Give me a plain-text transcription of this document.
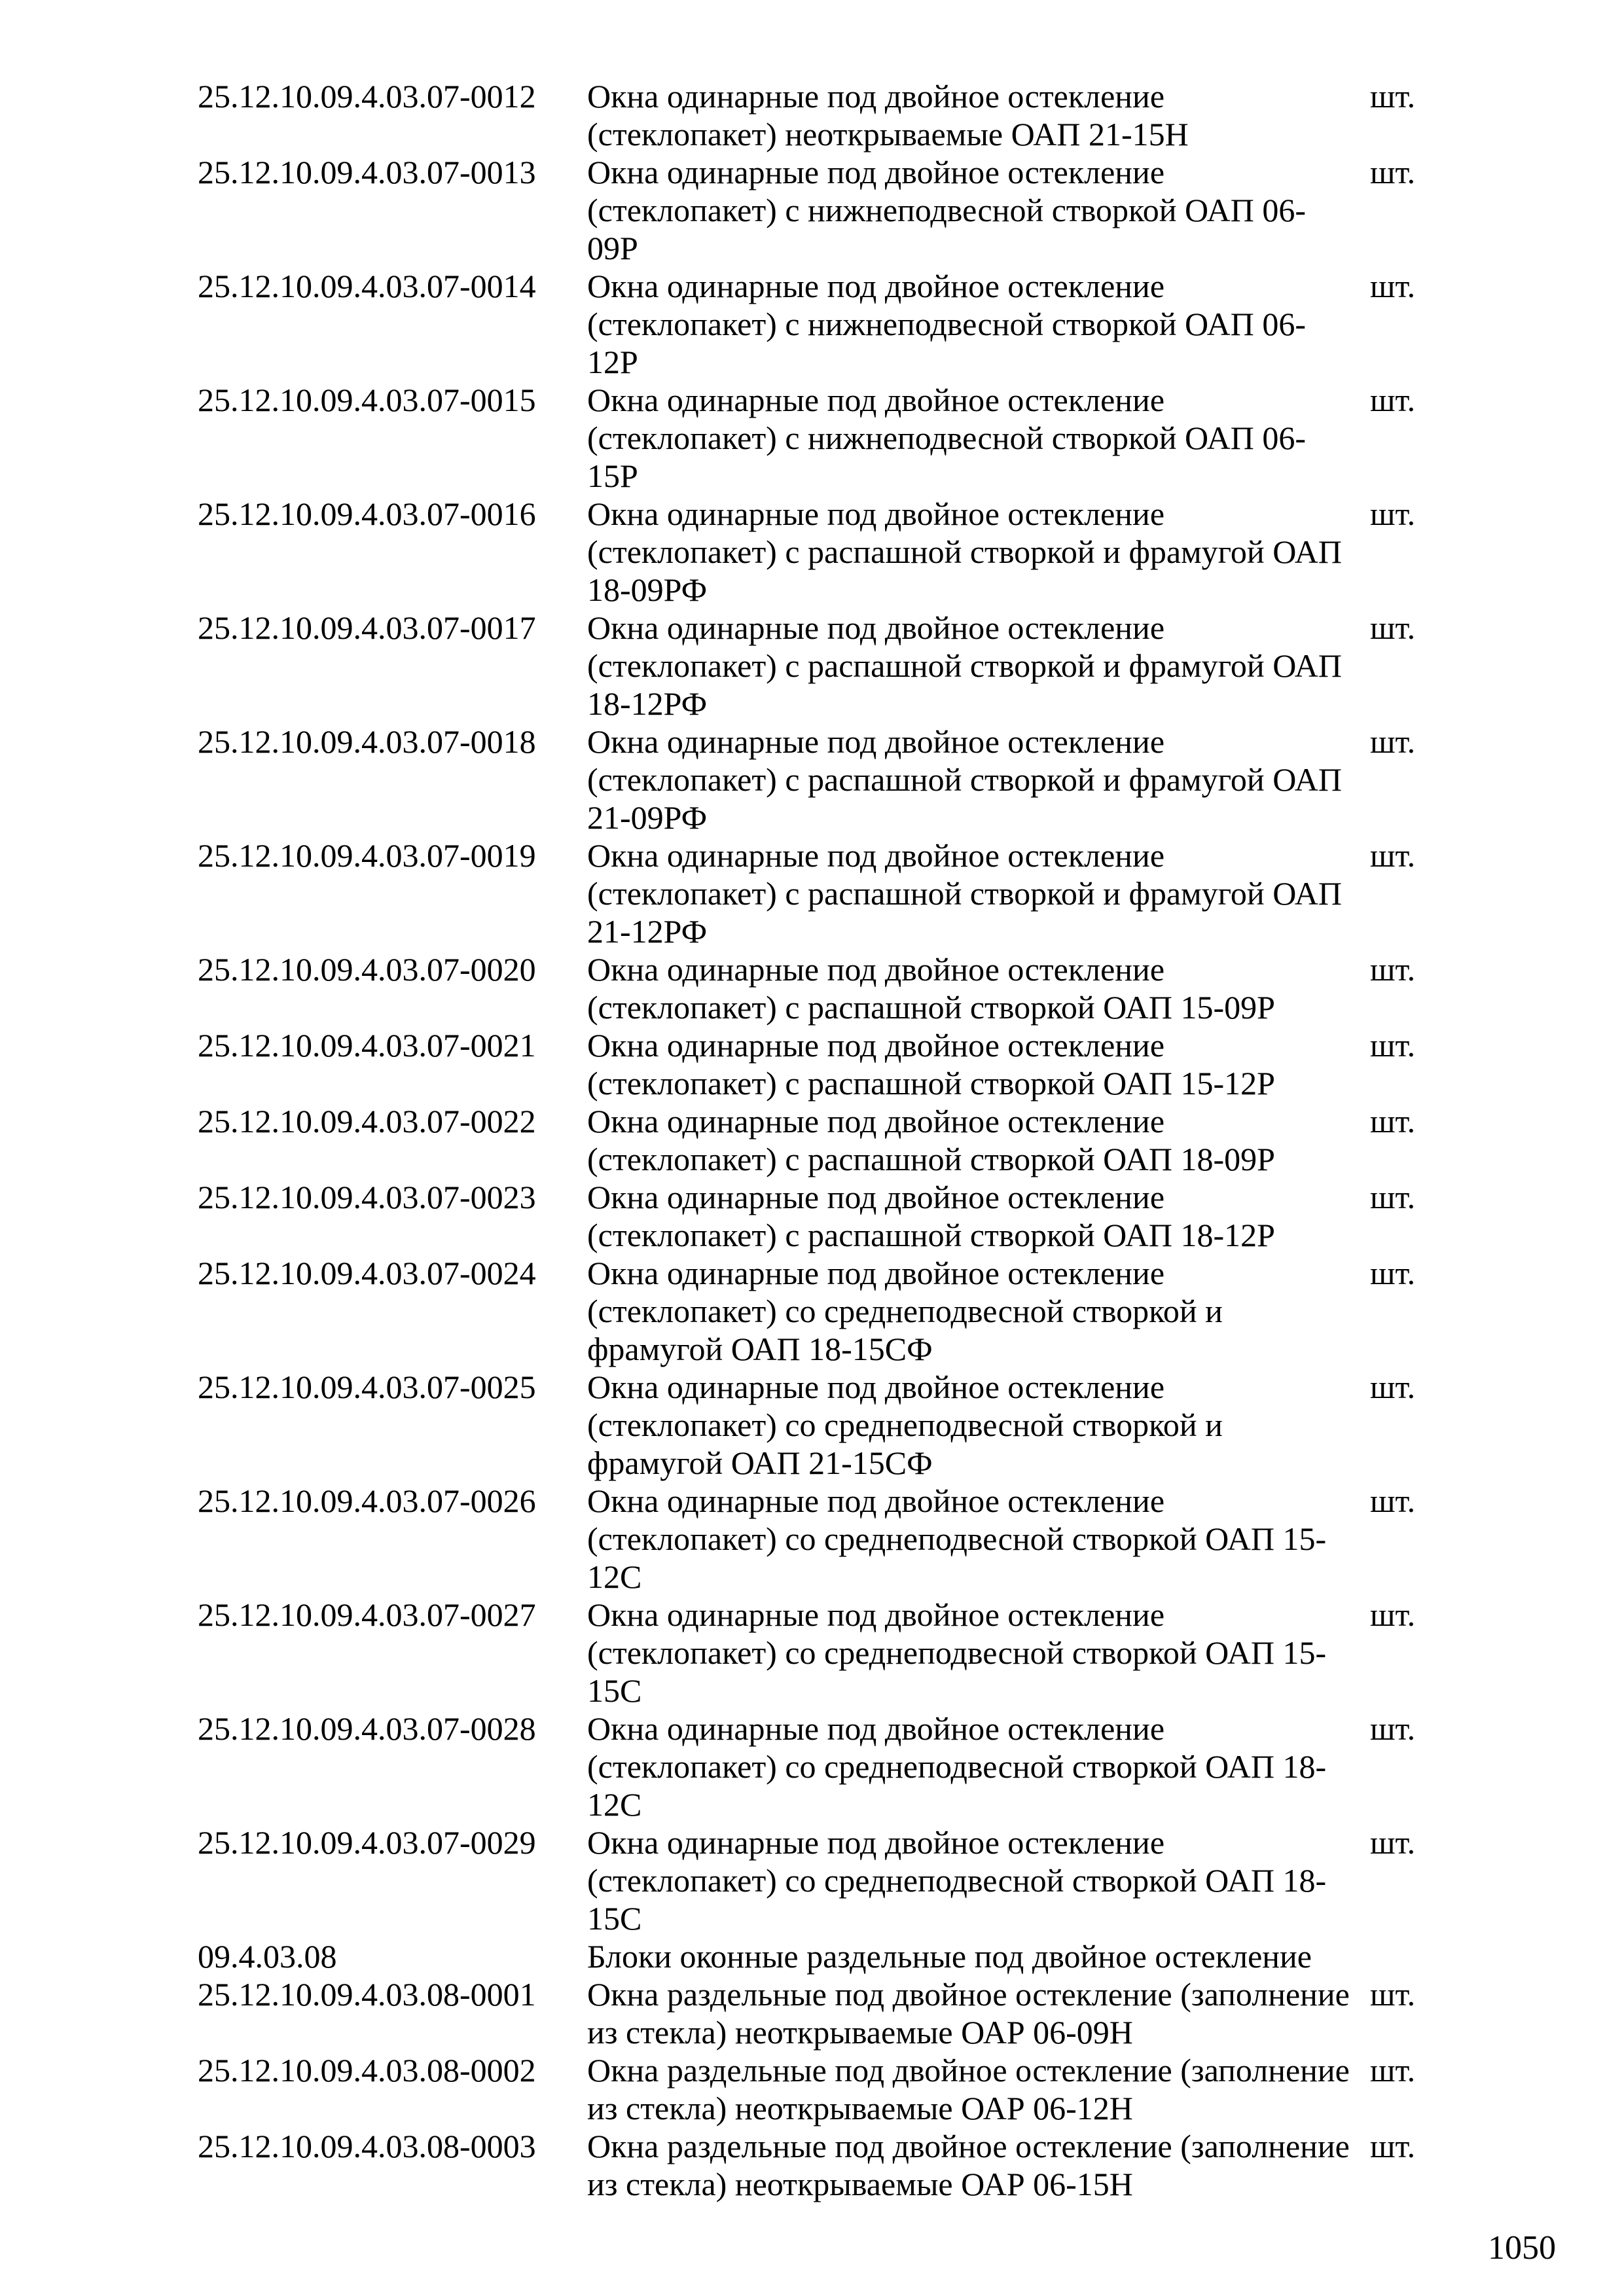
25.12.10.09.4.03.07-0012	Окна одинарные под двойное остекление
(стеклопакет) неоткрываемые ОАП 21-15Н
шт.
25.12.10.09.4.03.07-0013	Окна одинарные под двойное остекление
(стеклопакет) с нижнеподвесной створкой ОАП 06-
09Р
шт.
25.12.10.09.4.03.07-0014	Окна одинарные под двойное остекление
(стеклопакет) с нижнеподвесной створкой ОАП 06-
12Р
шт.
25.12.10.09.4.03.07-0015	Окна одинарные под двойное остекление
(стеклопакет) с нижнеподвесной створкой ОАП 06-
15Р
шт.
25.12.10.09.4.03.07-0016	Окна одинарные под двойное остекление
(стеклопакет) с распашной створкой и фрамугой ОАП
18-09РФ
шт.
25.12.10.09.4.03.07-0017	Окна одинарные под двойное остекление
(стеклопакет) с распашной створкой и фрамугой ОАП
18-12РФ
шт.
25.12.10.09.4.03.07-0018	Окна одинарные под двойное остекление
(стеклопакет) с распашной створкой и фрамугой ОАП
21-09РФ
шт.
25.12.10.09.4.03.07-0019	Окна одинарные под двойное остекление
(стеклопакет) с распашной створкой и фрамугой ОАП
21-12РФ
шт.
25.12.10.09.4.03.07-0020	Окна одинарные под двойное остекление
(стеклопакет) с распашной створкой ОАП 15-09Р
шт.
25.12.10.09.4.03.07-0021	Окна одинарные под двойное остекление
(стеклопакет) с распашной створкой ОАП 15-12Р
шт.
25.12.10.09.4.03.07-0022	Окна одинарные под двойное остекление
(стеклопакет) с распашной створкой ОАП 18-09Р
шт.
25.12.10.09.4.03.07-0023	Окна одинарные под двойное остекление
(стеклопакет) с распашной створкой ОАП 18-12Р
шт.
25.12.10.09.4.03.07-0024	Окна одинарные под двойное остекление
(стеклопакет) со среднеподвесной створкой и
фрамугой ОАП 18-15СФ
шт.
25.12.10.09.4.03.07-0025	Окна одинарные под двойное остекление
(стеклопакет) со среднеподвесной створкой и
фрамугой ОАП 21-15СФ
шт.
25.12.10.09.4.03.07-0026	Окна одинарные под двойное остекление
(стеклопакет) со среднеподвесной створкой ОАП 15-
12С
шт.
25.12.10.09.4.03.07-0027	Окна одинарные под двойное остекление
(стеклопакет) со среднеподвесной створкой ОАП 15-
15С
шт.
25.12.10.09.4.03.07-0028	Окна одинарные под двойное остекление
(стеклопакет) со среднеподвесной створкой ОАП 18-
12С
шт.
25.12.10.09.4.03.07-0029	Окна одинарные под двойное остекление
(стеклопакет) со среднеподвесной створкой ОАП 18-
15С
шт.
09.4.03.08	Блоки оконные раздельные под двойное остекление
25.12.10.09.4.03.08-0001	Окна раздельные под двойное остекление (заполнение
из стекла) неоткрываемые ОАР 06-09Н
шт.
25.12.10.09.4.03.08-0002	Окна раздельные под двойное остекление (заполнение
из стекла) неоткрываемые ОАР 06-12Н
шт.
25.12.10.09.4.03.08-0003	Окна раздельные под двойное остекление (заполнение
из стекла) неоткрываемые ОАР 06-15Н
шт.
1050
